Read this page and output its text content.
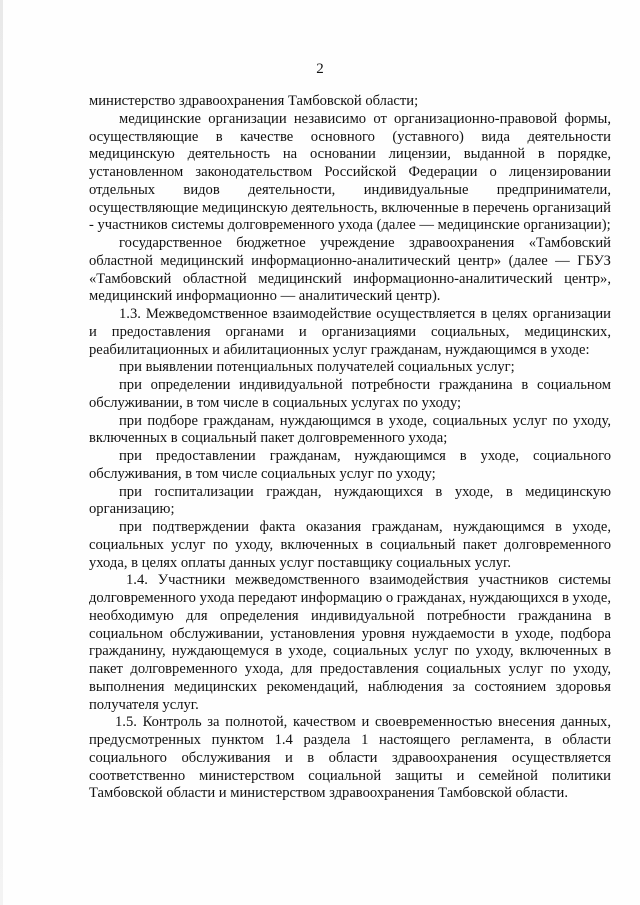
2

министерство здравоохранения Тамбовской области;

медицинские организации независимо от организационно-правовой формы, осуществляющие в качестве основного (уставного) вида деятельности медицинскую деятельность на основании лицензии, выданной в порядке, установленном законодательством Российской Федерации о лицензировании отдельных видов деятельности, индивидуальные предприниматели, осуществляющие медицинскую деятельность, включенные в перечень организаций - участников системы долговременного ухода (далее — медицинские организации);

государственное бюджетное учреждение здравоохранения «Тамбовский областной медицинский информационно-аналитический центр» (далее — ГБУЗ «Тамбовский областной медицинский информационно-аналитический центр», медицинский информационно — аналитический центр).

1.3. Межведомственное взаимодействие осуществляется в целях организации и предоставления органами и организациями социальных, медицинских, реабилитационных и абилитационных услуг гражданам, нуждающимся в уходе:

при выявлении потенциальных получателей социальных услуг;

при определении индивидуальной потребности гражданина в социальном обслуживании, в том числе в социальных услугах по уходу;

при подборе гражданам, нуждающимся в уходе, социальных услуг по уходу, включенных в социальный пакет долговременного ухода;

при предоставлении гражданам, нуждающимся в уходе, социального обслуживания, в том числе социальных услуг по уходу;

при госпитализации граждан, нуждающихся в уходе, в медицинскую организацию;

при подтверждении факта оказания гражданам, нуждающимся в уходе, социальных услуг по уходу, включенных в социальный пакет долговременного ухода, в целях оплаты данных услуг поставщику социальных услуг.

1.4. Участники межведомственного взаимодействия участников системы долговременного ухода передают информацию о гражданах, нуждающихся в уходе, необходимую для определения индивидуальной потребности гражданина в социальном обслуживании, установления уровня нуждаемости в уходе, подбора гражданину, нуждающемуся в уходе, социальных услуг по уходу, включенных в пакет долговременного ухода, для предоставления социальных услуг по уходу, выполнения медицинских рекомендаций, наблюдения за состоянием здоровья получателя услуг.

1.5. Контроль за полнотой, качеством и своевременностью внесения данных, предусмотренных пунктом 1.4 раздела 1 настоящего регламента, в области социального обслуживания и в области здравоохранения осуществляется соответственно министерством социальной защиты и семейной политики Тамбовской области и министерством здравоохранения Тамбовской области.
